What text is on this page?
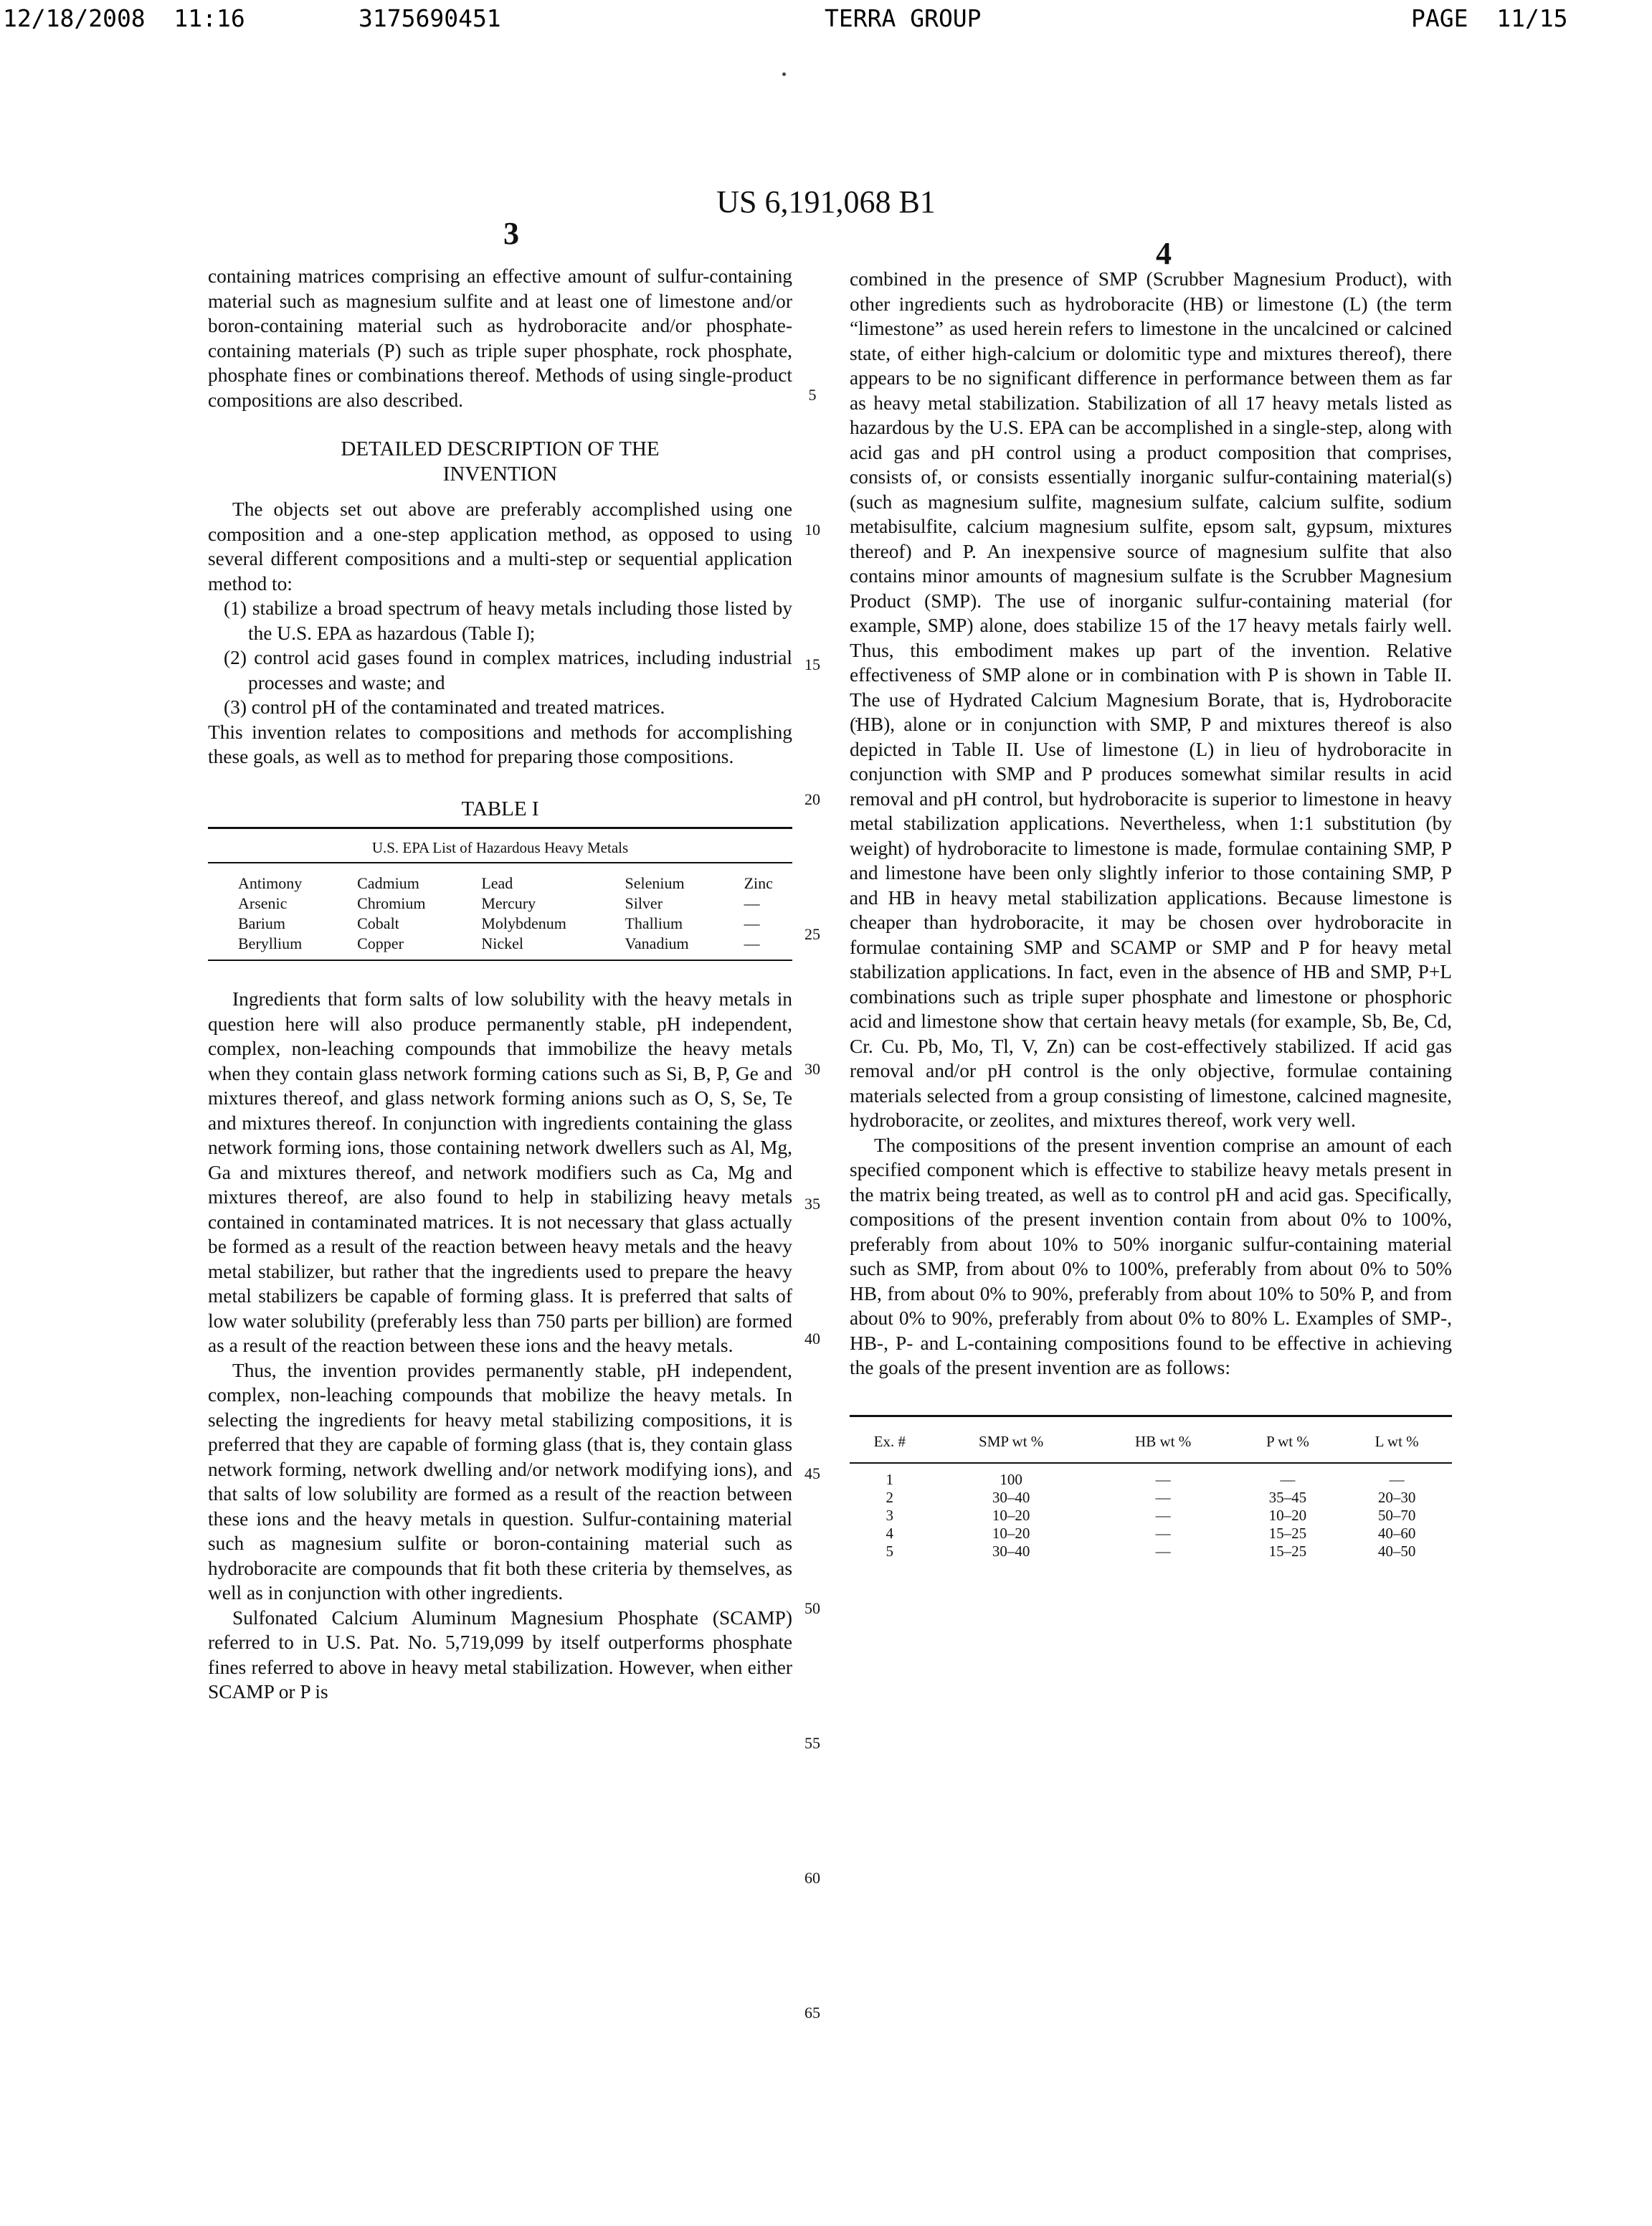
12/18/2008  11:16	3175690451	TERRA GROUP	PAGE  11/15
US 6,191,068 B1
3
4

containing matrices comprising an effective amount of sulfur-containing material such as magnesium sulfite and at least one of limestone and/or boron-containing material such as hydroboracite and/or phosphate-containing materials (P) such as triple super phosphate, rock phosphate, phosphate fines or combinations thereof. Methods of using single-product compositions are also described.

DETAILED DESCRIPTION OF THE
INVENTION

The objects set out above are preferably accomplished using one composition and a one-step application method, as opposed to using several different compositions and a multi-step or sequential application method to:

(1) stabilize a broad spectrum of heavy metals including those listed by the U.S. EPA as hazardous (Table I);
(2) control acid gases found in complex matrices, including industrial processes and waste; and
(3) control pH of the contaminated and treated matrices.

This invention relates to compositions and methods for accomplishing these goals, as well as to method for preparing those compositions.

TABLE I
U.S. EPA List of Hazardous Heavy Metals
Antimony	Cadmium	Lead	Selenium	Zinc
Arsenic	Chromium	Mercury	Silver	—
Barium	Cobalt	Molybdenum	Thallium	—
Beryllium	Copper	Nickel	Vanadium	—

Ingredients that form salts of low solubility with the heavy metals in question here will also produce permanently stable, pH independent, complex, non-leaching compounds that immobilize the heavy metals when they contain glass network forming cations such as Si, B, P, Ge and mixtures thereof, and glass network forming anions such as O, S, Se, Te and mixtures thereof. In conjunction with ingredients containing the glass network forming ions, those containing network dwellers such as Al, Mg, Ga and mixtures thereof, and network modifiers such as Ca, Mg and mixtures thereof, are also found to help in stabilizing heavy metals contained in contaminated matrices. It is not necessary that glass actually be formed as a result of the reaction between heavy metals and the heavy metal stabilizer, but rather that the ingredients used to prepare the heavy metal stabilizers be capable of forming glass. It is preferred that salts of low water solubility (preferably less than 750 parts per billion) are formed as a result of the reaction between these ions and the heavy metals.

Thus, the invention provides permanently stable, pH independent, complex, non-leaching compounds that mobilize the heavy metals. In selecting the ingredients for heavy metal stabilizing compositions, it is preferred that they are capable of forming glass (that is, they contain glass network forming, network dwelling and/or network modifying ions), and that salts of low solubility are formed as a result of the reaction between these ions and the heavy metals in question. Sulfur-containing material such as magnesium sulfite or boron-containing material such as hydroboracite are compounds that fit both these criteria by themselves, as well as in conjunction with other ingredients.

Sulfonated Calcium Aluminum Magnesium Phosphate (SCAMP) referred to in U.S. Pat. No. 5,719,099 by itself outperforms phosphate fines referred to above in heavy metal stabilization. However, when either SCAMP or P is

5
10
15
20
25
30
35
40
45
50
55
60
65

combined in the presence of SMP (Scrubber Magnesium Product), with other ingredients such as hydroboracite (HB) or limestone (L) (the term “limestone” as used herein refers to limestone in the uncalcined or calcined state, of either high-calcium or dolomitic type and mixtures thereof), there appears to be no significant difference in performance between them as far as heavy metal stabilization. Stabilization of all 17 heavy metals listed as hazardous by the U.S. EPA can be accomplished in a single-step, along with acid gas and pH control using a product composition that comprises, consists of, or consists essentially inorganic sulfur-containing material(s) (such as magnesium sulfite, magnesium sulfate, calcium sulfite, sodium metabisulfite, calcium magnesium sulfite, epsom salt, gypsum, mixtures thereof) and P. An inexpensive source of magnesium sulfite that also contains minor amounts of magnesium sulfate is the Scrubber Magnesium Product (SMP). The use of inorganic sulfur-containing material (for example, SMP) alone, does stabilize 15 of the 17 heavy metals fairly well. Thus, this embodiment makes up part of the invention. Relative effectiveness of SMP alone or in combination with P is shown in Table II. The use of Hydrated Calcium Magnesium Borate, that is, Hydroboracite (HB), alone or in conjunction with SMP, P and mixtures thereof is also depicted in Table II. Use of limestone (L) in lieu of hydroboracite in conjunction with SMP and P produces somewhat similar results in acid removal and pH control, but hydroboracite is superior to limestone in heavy metal stabilization applications. Nevertheless, when 1:1 substitution (by weight) of hydroboracite to limestone is made, formulae containing SMP, P and limestone have been only slightly inferior to those containing SMP, P and HB in heavy metal stabilization applications. Because limestone is cheaper than hydroboracite, it may be chosen over hydroboracite in formulae containing SMP and SCAMP or SMP and P for heavy metal stabilization applications. In fact, even in the absence of HB and SMP, P+L combinations such as triple super phosphate and limestone or phosphoric acid and limestone show that certain heavy metals (for example, Sb, Be, Cd, Cr. Cu. Pb, Mo, Tl, V, Zn) can be cost-effectively stabilized. If acid gas removal and/or pH control is the only objective, formulae containing materials selected from a group consisting of limestone, calcined magnesite, hydroboracite, or zeolites, and mixtures thereof, work very well.

The compositions of the present invention comprise an amount of each specified component which is effective to stabilize heavy metals present in the matrix being treated, as well as to control pH and acid gas. Specifically, compositions of the present invention contain from about 0% to 100%, preferably from about 10% to 50% inorganic sulfur-containing material such as SMP, from about 0% to 100%, preferably from about 0% to 50% HB, from about 0% to 90%, preferably from about 10% to 50% P, and from about 0% to 90%, preferably from about 0% to 80% L. Examples of SMP-, HB-, P- and L-containing compositions found to be effective in achieving the goals of the present invention are as follows:

Ex. #	SMP wt %	HB wt %	P wt %	L wt %
1	100	—	—	—
2	30–40	—	35–45	20–30
3	10–20	—	10–20	50–70
4	10–20	—	15–25	40–60
5	30–40	—	15–25	40–50
